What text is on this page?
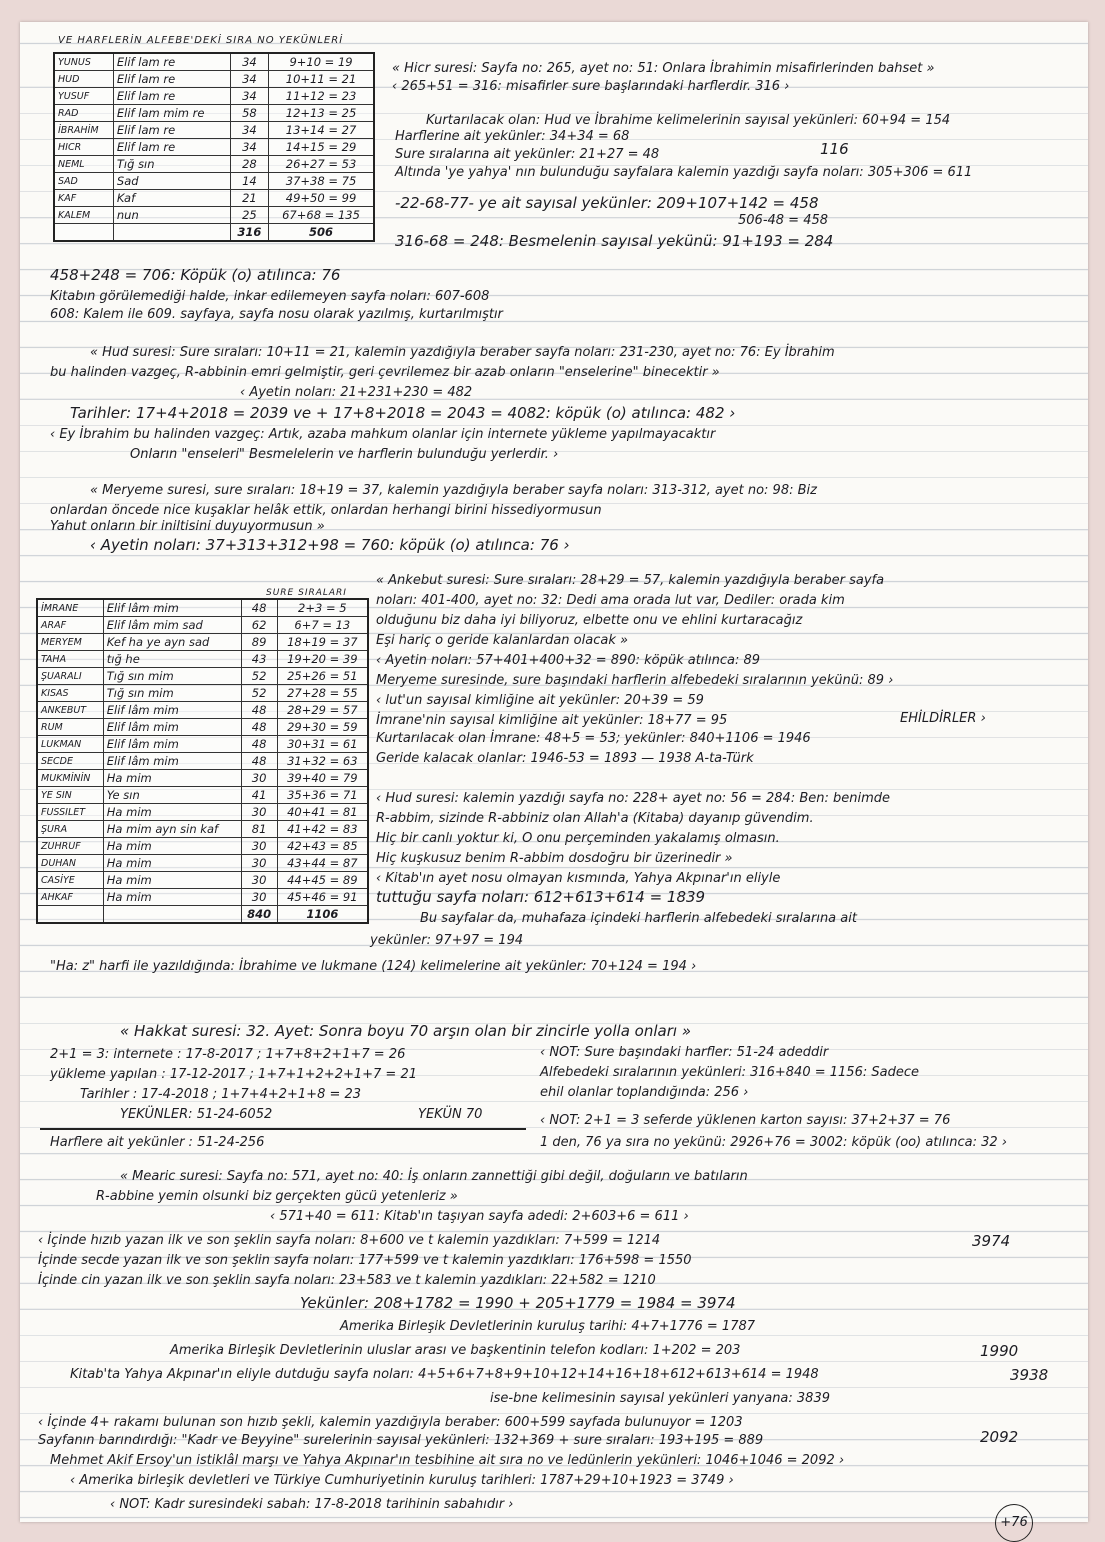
VE HARFLERİN ALFEBE'DEKİ SIRA NO YEKÜNLERİ
YUNUS	Elif lam re	34	9+10 = 19
HUD	Elif lam re	34	10+11 = 21
YUSUF	Elif lam re	34	11+12 = 23
RAD	Elif lam mim re	58	12+13 = 25
İBRAHİM	Elif lam re	34	13+14 = 27
HICR	Elif lam re	34	14+15 = 29
NEML	Tığ sın	28	26+27 = 53
SAD	Sad	14	37+38 = 75
KAF	Kaf	21	49+50 = 99
KALEM	nun	25	67+68 = 135
		316	506
İMRANE	Elif lâm mim	48	2+3 = 5
ARAF	Elif lâm mim sad	62	6+7 = 13
MERYEM	Kef ha ye ayn sad	89	18+19 = 37
TAHA	tığ he	43	19+20 = 39
ŞUARALI	Tığ sın mim	52	25+26 = 51
KISAS	Tığ sın mim	52	27+28 = 55
ANKEBUT	Elif lâm mim	48	28+29 = 57
RUM	Elif lâm mim	48	29+30 = 59
LUKMAN	Elif lâm mim	48	30+31 = 61
SECDE	Elif lâm mim	48	31+32 = 63
MUKMİNİN	Ha mim	30	39+40 = 79
YE SIN	Ye sın	41	35+36 = 71
FUSSILET	Ha mim	30	40+41 = 81
ŞURA	Ha mim ayn sin kaf	81	41+42 = 83
ZUHRUF	Ha mim	30	42+43 = 85
DUHAN	Ha mim	30	43+44 = 87
CASİYE	Ha mim	30	44+45 = 89
AHKAF	Ha mim	30	45+46 = 91
		840	1106
SURE SIRALARI
« Hicr suresi: Sayfa no: 265, ayet no: 51: Onlara İbrahimin misafirlerinden bahset »
‹ 265+51 = 316: misafirler sure başlarındaki harflerdir. 316 ›
Kurtarılacak olan: Hud ve İbrahime kelimelerinin sayısal yekünleri: 60+94 = 154
Harflerine ait yekünler: 34+34 = 68
Sure sıralarına ait yekünler: 21+27 = 48	116
Altında 'ye yahya' nın bulunduğu sayfalara kalemin yazdığı sayfa noları: 305+306 = 611
-22-68-77- ye ait sayısal yekünler: 209+107+142 = 458
506-48 = 458
316-68 = 248: Besmelenin sayısal yekünü: 91+193 = 284
458+248 = 706: Köpük (o) atılınca: 76
Kitabın görülemediği halde, inkar edilemeyen sayfa noları: 607-608
608: Kalem ile 609. sayfaya, sayfa nosu olarak yazılmış, kurtarılmıştır
« Hud suresi: Sure sıraları: 10+11 = 21, kalemin yazdığıyla beraber sayfa noları: 231-230, ayet no: 76: Ey İbrahim
bu halinden vazgeç, R-abbinin emri gelmiştir, geri çevrilemez bir azab onların "enselerine" binecektir »
‹ Ayetin noları: 21+231+230 = 482
Tarihler: 17+4+2018 = 2039 ve + 17+8+2018 = 2043 = 4082: köpük (o) atılınca: 482 ›
‹ Ey İbrahim bu halinden vazgeç: Artık, azaba mahkum olanlar için internete yükleme yapılmayacaktır
Onların "enseleri" Besmelelerin ve harflerin bulunduğu yerlerdir. ›
« Meryeme suresi, sure sıraları: 18+19 = 37, kalemin yazdığıyla beraber sayfa noları: 313-312, ayet no: 98: Biz
onlardan öncede nice kuşaklar helâk ettik, onlardan herhangi birini hissediyormusun
Yahut onların bir iniltisini duyuyormusun »
‹ Ayetin noları: 37+313+312+98 = 760: köpük (o) atılınca: 76 ›
« Ankebut suresi: Sure sıraları: 28+29 = 57, kalemin yazdığıyla beraber sayfa
noları: 401-400, ayet no: 32: Dedi ama orada lut var, Dediler: orada kim
olduğunu biz daha iyi biliyoruz, elbette onu ve ehlini kurtaracağız
Eşi hariç o geride kalanlardan olacak »
‹ Ayetin noları: 57+401+400+32 = 890: köpük atılınca: 89
Meryeme suresinde, sure başındaki harflerin alfebedeki sıralarının yekünü: 89 ›
‹ lut'un sayısal kimliğine ait yekünler: 20+39 = 59
İmrane'nin sayısal kimliğine ait yekünler: 18+77 = 95	EHİLDİRLER ›
Kurtarılacak olan İmrane: 48+5 = 53; yekünler: 840+1106 = 1946
Geride kalacak olanlar: 1946-53 = 1893 — 1938 A-ta-Türk
‹ Hud suresi: kalemin yazdığı sayfa no: 228+ ayet no: 56 = 284: Ben: benimde
R-abbim, sizinde R-abbiniz olan Allah'a (Kitaba) dayanıp güvendim.
Hiç bir canlı yoktur ki, O onu perçeminden yakalamış olmasın.
Hiç kuşkusuz benim R-abbim dosdoğru bir üzerinedir »
‹ Kitab'ın ayet nosu olmayan kısmında, Yahya Akpınar'ın eliyle
tuttuğu sayfa noları: 612+613+614 = 1839
Bu sayfalar da, muhafaza içindeki harflerin alfebedeki sıralarına ait
yekünler: 97+97 = 194
"Ha: z" harfi ile yazıldığında: İbrahime ve lukmane (124) kelimelerine ait yekünler: 70+124 = 194 ›
« Hakkat suresi: 32. Ayet: Sonra boyu 70 arşın olan bir zincirle yolla onları »
2+1 = 3: internete : 17-8-2017 ; 1+7+8+2+1+7 = 26
yükleme yapılan : 17-12-2017 ; 1+7+1+2+2+1+7 = 21
Tarihler : 17-4-2018 ; 1+7+4+2+1+8 = 23
YEKÜNLER: 51-24-6052	YEKÜN 70
Harflere ait yekünler : 51-24-256
‹ NOT: Sure başındaki harfler: 51-24 adeddir
Alfebedeki sıralarının yekünleri: 316+840 = 1156: Sadece
ehil olanlar toplandığında: 256 ›
‹ NOT: 2+1 = 3 seferde yüklenen karton sayısı: 37+2+37 = 76
1 den, 76 ya sıra no yekünü: 2926+76 = 3002: köpük (oo) atılınca: 32 ›
« Mearic suresi: Sayfa no: 571, ayet no: 40: İş onların zannettiği gibi değil, doğuların ve batıların
R-abbine yemin olsunki biz gerçekten gücü yetenleriz »
‹ 571+40 = 611: Kitab'ın taşıyan sayfa adedi: 2+603+6 = 611 ›
‹ İçinde hızıb yazan ilk ve son şeklin sayfa noları: 8+600 ve t kalemin yazdıkları: 7+599 = 1214
İçinde secde yazan ilk ve son şeklin sayfa noları: 177+599 ve t kalemin yazdıkları: 176+598 = 1550
İçinde cin yazan ilk ve son şeklin sayfa noları: 23+583 ve t kalemin yazdıkları: 22+582 = 1210
3974
Yekünler: 208+1782 = 1990 + 205+1779 = 1984 = 3974
Amerika Birleşik Devletlerinin kuruluş tarihi: 4+7+1776 = 1787
Amerika Birleşik Devletlerinin uluslar arası ve başkentinin telefon kodları: 1+202 = 203	1990
Kitab'ta Yahya Akpınar'ın eliyle dutduğu sayfa noları: 4+5+6+7+8+9+10+12+14+16+18+612+613+614 = 1948	3938
ise-bne kelimesinin sayısal yekünleri yanyana: 3839
‹ İçinde 4+ rakamı bulunan son hızıb şekli, kalemin yazdığıyla beraber: 600+599 sayfada bulunuyor = 1203
Sayfanın barındırdığı: "Kadr ve Beyyine" surelerinin sayısal yekünleri: 132+369 + sure sıraları: 193+195 = 889	2092
Mehmet Akif Ersoy'un istiklâl marşı ve Yahya Akpınar'ın tesbihine ait sıra no ve ledünlerin yekünleri: 1046+1046 = 2092 ›
‹ Amerika birleşik devletleri ve Türkiye Cumhuriyetinin kuruluş tarihleri: 1787+29+10+1923 = 3749 ›
‹ NOT: Kadr suresindeki sabah: 17-8-2018 tarihinin sabahıdır ›
+76
